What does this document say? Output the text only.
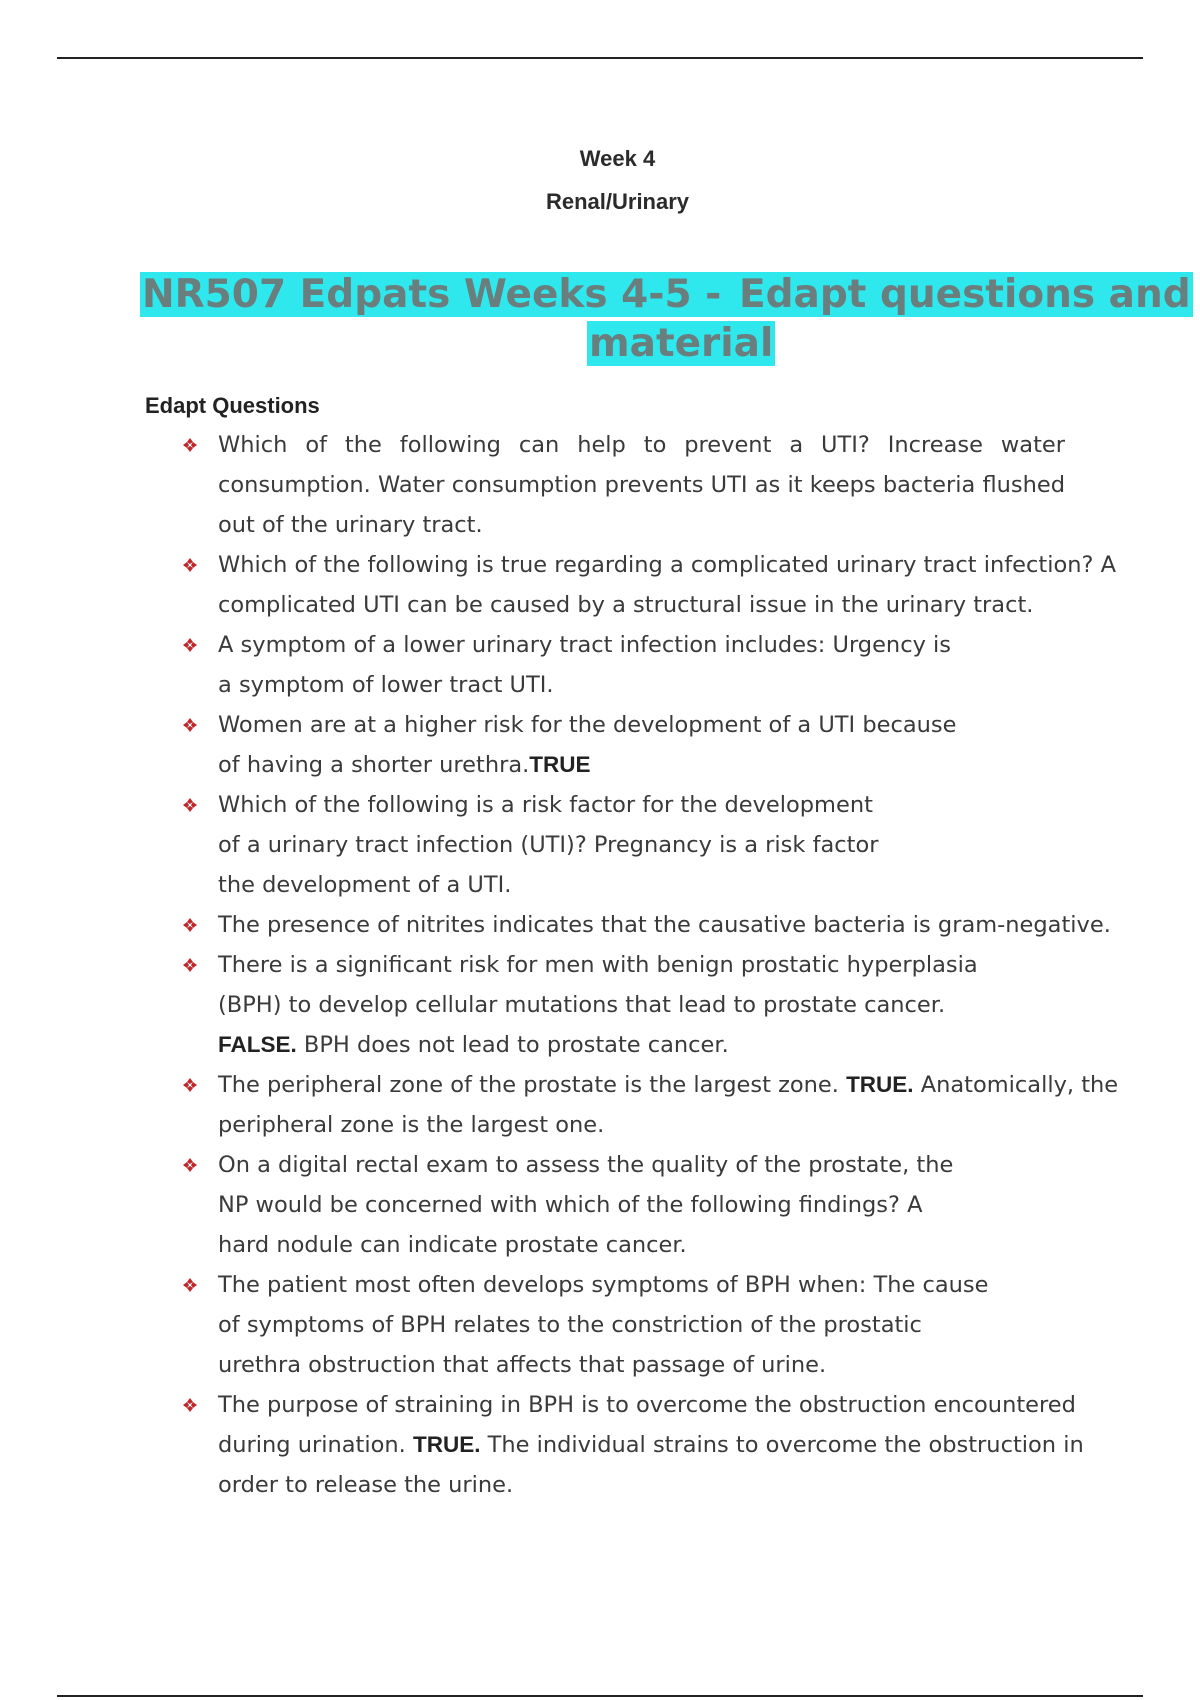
Week 4
Renal/Urinary
NR507 Edpats Weeks 4-5 - Edapt questions and
material
Edapt Questions
Which of the following can help to prevent a UTI? Increase water consumption. Water consumption prevents UTI as it keeps bacteria flushed out of the urinary tract.
Which of the following is true regarding a complicated urinary tract infection? A complicated UTI can be caused by a structural issue in the urinary tract.
A symptom of a lower urinary tract infection includes: Urgency is a symptom of lower tract UTI.
Women are at a higher risk for the development of a UTI because of having a shorter urethra.TRUE
Which of the following is a risk factor for the development of a urinary tract infection (UTI)? Pregnancy is a risk factor the development of a UTI.
The presence of nitrites indicates that the causative bacteria is gram-negative.
There is a significant risk for men with benign prostatic hyperplasia (BPH) to develop cellular mutations that lead to prostate cancer. FALSE. BPH does not lead to prostate cancer.
The peripheral zone of the prostate is the largest zone. TRUE. Anatomically, the peripheral zone is the largest one.
On a digital rectal exam to assess the quality of the prostate, the NP would be concerned with which of the following findings? A hard nodule can indicate prostate cancer.
The patient most often develops symptoms of BPH when: The cause of symptoms of BPH relates to the constriction of the prostatic urethra obstruction that affects that passage of urine.
The purpose of straining in BPH is to overcome the obstruction encountered during urination. TRUE. The individual strains to overcome the obstruction in order to release the urine.
